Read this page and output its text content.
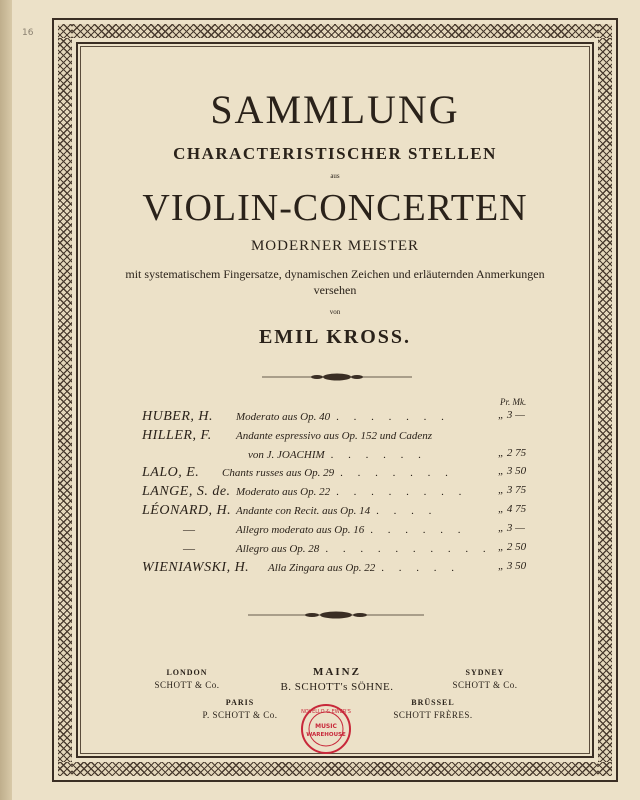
16
SAMMLUNG
CHARACTERISTISCHER STELLEN
aus
VIOLIN-CONCERTEN
MODERNER MEISTER
mit systematischem Fingersatze, dynamischen Zeichen und erläuternden Anmerkungen
versehen
von
EMIL KROSS.
Pr. Mk.
HUBER, H. Moderato aus Op. 40 . . . . . . .	„ 3 —
HILLER, F. Andante espressivo aus Op. 152 und Cadenz
von J. JOACHIM . . . . . .	„ 2 75
LALO, E. Chants russes aus Op. 29 . . . . . . .	„ 3 50
LANGE, S. de. Moderato aus Op. 22 . . . . . . . .	„ 3 75
LÉONARD, H. Andante con Recit. aus Op. 14 . . . .	„ 4 75
—	Allegro moderato aus Op. 16 . . . . . .	„ 3 —
—	Allegro aus Op. 28 . . . . . . . . . . „ 2 50
WIENIAWSKI, H. Alla Zingara aus Op. 22 . . . . .	„ 3 50
LONDON
SCHOTT & Co.
MAINZ
B. SCHOTT's SÖHNE.
SYDNEY
SCHOTT & Co.
PARIS
P. SCHOTT & Co.
BRÜSSEL
SCHOTT FRÈRES.
NOVELLO & EWER'S
MUSIC
WAREHOUSE
